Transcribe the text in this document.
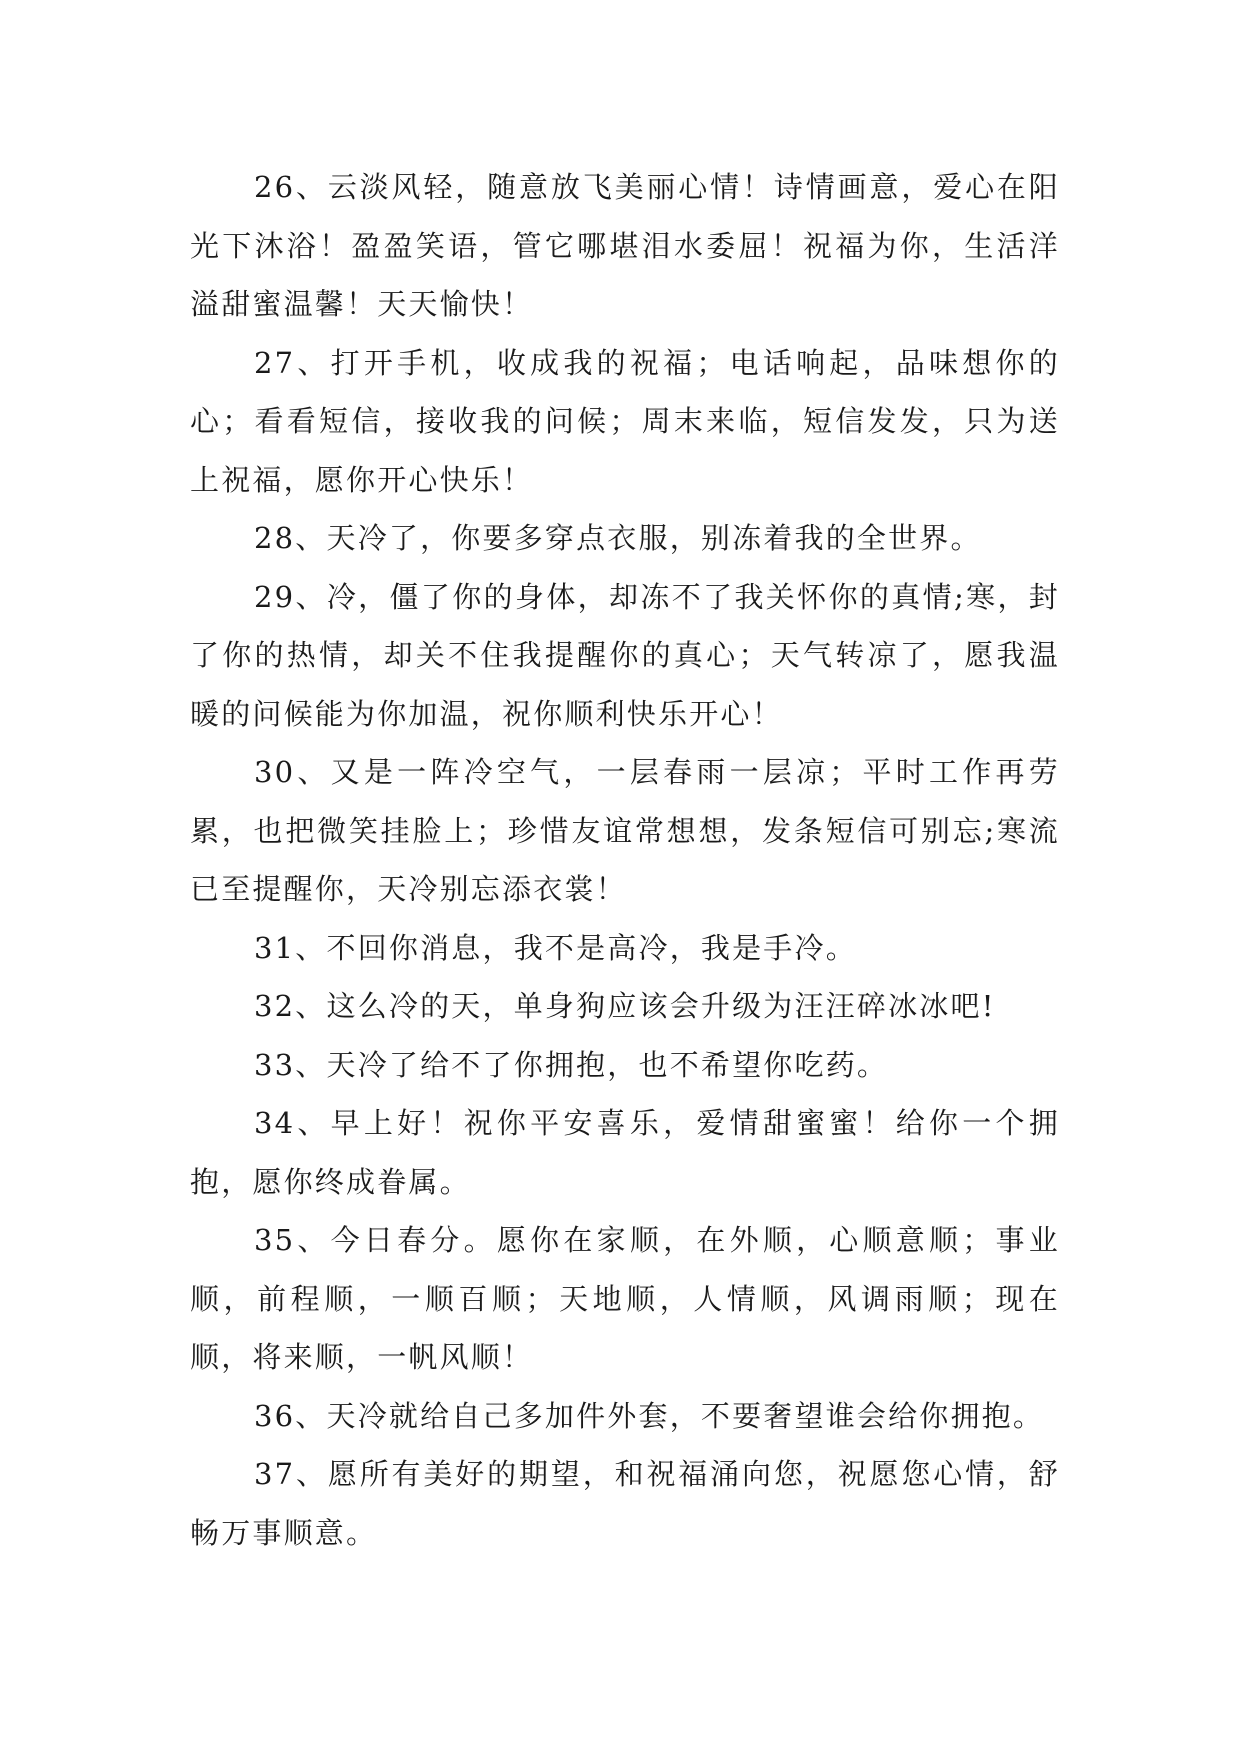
26、云淡风轻，随意放飞美丽心情！诗情画意，爱心在阳光下沐浴！盈盈笑语，管它哪堪泪水委屈！祝福为你，生活洋溢甜蜜温馨！天天愉快！

27、打开手机，收成我的祝福；电话响起，品味想你的心；看看短信，接收我的问候；周末来临，短信发发，只为送上祝福，愿你开心快乐！

28、天冷了，你要多穿点衣服，别冻着我的全世界。

29、冷，僵了你的身体，却冻不了我关怀你的真情;寒，封了你的热情，却关不住我提醒你的真心；天气转凉了，愿我温暖的问候能为你加温，祝你顺利快乐开心！

30、又是一阵冷空气，一层春雨一层凉；平时工作再劳累，也把微笑挂脸上；珍惜友谊常想想，发条短信可别忘;寒流已至提醒你，天冷别忘添衣裳！

31、不回你消息，我不是高冷，我是手冷。

32、这么冷的天，单身狗应该会升级为汪汪碎冰冰吧!

33、天冷了给不了你拥抱，也不希望你吃药。

34、早上好！祝你平安喜乐，爱情甜蜜蜜！给你一个拥抱，愿你终成眷属。

35、今日春分。愿你在家顺，在外顺，心顺意顺；事业顺，前程顺，一顺百顺；天地顺，人情顺，风调雨顺；现在顺，将来顺，一帆风顺！

36、天冷就给自己多加件外套，不要奢望谁会给你拥抱。

37、愿所有美好的期望，和祝福涌向您，祝愿您心情，舒畅万事顺意。
